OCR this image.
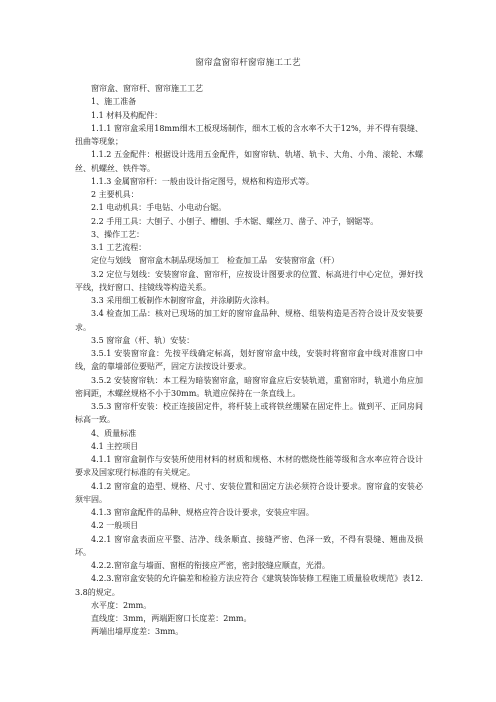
窗帘盒窗帘杆窗帘施工工艺

窗帘盒、窗帘杆、窗帘施工工艺

1、施工准备

1.1 材料及构配件：

1.1.1 窗帘盒采用18mm细木工板现场制作，细木工板的含水率不大于12%，并不得有裂缝、扭曲等现象；

1.1.2 五金配件：根据设计选用五金配件，如窗帘轨、轨堵、轨卡、大角、小角、滚轮、木螺丝、机螺丝、铁件等。

1.1.3 金属窗帘杆：一般由设计指定图号，规格和构造形式等。

2 主要机具：

2.1 电动机具：手电钻、小电动台锯。

2.2 手用工具：大刨子、小刨子、槽刨、手木锯、螺丝刀、凿子、冲子，钢锯等。

3、操作工艺：

3.1 工艺流程：

定位与划线　窗帘盒木制品现场加工　检查加工品　安装窗帘盒（杆）

3.2 定位与划线：安装窗帘盒、窗帘杆，应按设计图要求的位置、标高进行中心定位，弹好找平线，找好窗口、挂镜线等构造关系。

3.3 采用细工板制作木制窗帘盒，并涂刷防火涂料。

3.4 检查加工品：核对已现场的加工好的窗帘盒品种、规格、组装构造是否符合设计及安装要求。

3.5 窗帘盒（杆、轨）安装：

3.5.1 安装窗帘盒：先按平线确定标高，划好窗帘盒中线，安装时将窗帘盒中线对准窗口中线，盒的靠墙部位要贴严，固定方法按设计要求。

3.5.2 安装窗帘轨：本工程为暗装窗帘盒，暗窗帘盒应后安装轨道，重窗帘时，轨道小角应加密间距，木螺丝规格不小于30mm。轨道应保持在一条直线上。

3.5.3 窗帘杆安装：校正连接固定件，将杆装上或将铁丝绷紧在固定件上。做到平、正同房间标高一致。

4、质量标准

4.1 主控项目

4.1.1 窗帘盒制作与安装所使用材料的材质和规格、木材的燃烧性能等级和含水率应符合设计要求及国家现行标准的有关规定。

4.1.2 窗帘盒的造型、规格、尺寸、安装位置和固定方法必须符合设计要求。窗帘盒的安装必须牢固。

4.1.3 窗帘盒配件的品种、规格应符合设计要求，安装应牢固。

4.2 一般项目

4.2.1 窗帘盒表面应平整、洁净、线条顺直、接缝严密、色泽一致，不得有裂缝、翘曲及损坏。

4.2.2.窗帘盒与墙面、窗框的衔接应严密，密封胶缝应顺直，光滑。

4.2.3.窗帘盒安装的允许偏差和检验方法应符合《建筑装饰装修工程施工质量验收规范》表12.3.8的规定。

水平度：2mm。

直线度：3mm，两端距窗口长度差：2mm。

两端出墙厚度差：3mm。
